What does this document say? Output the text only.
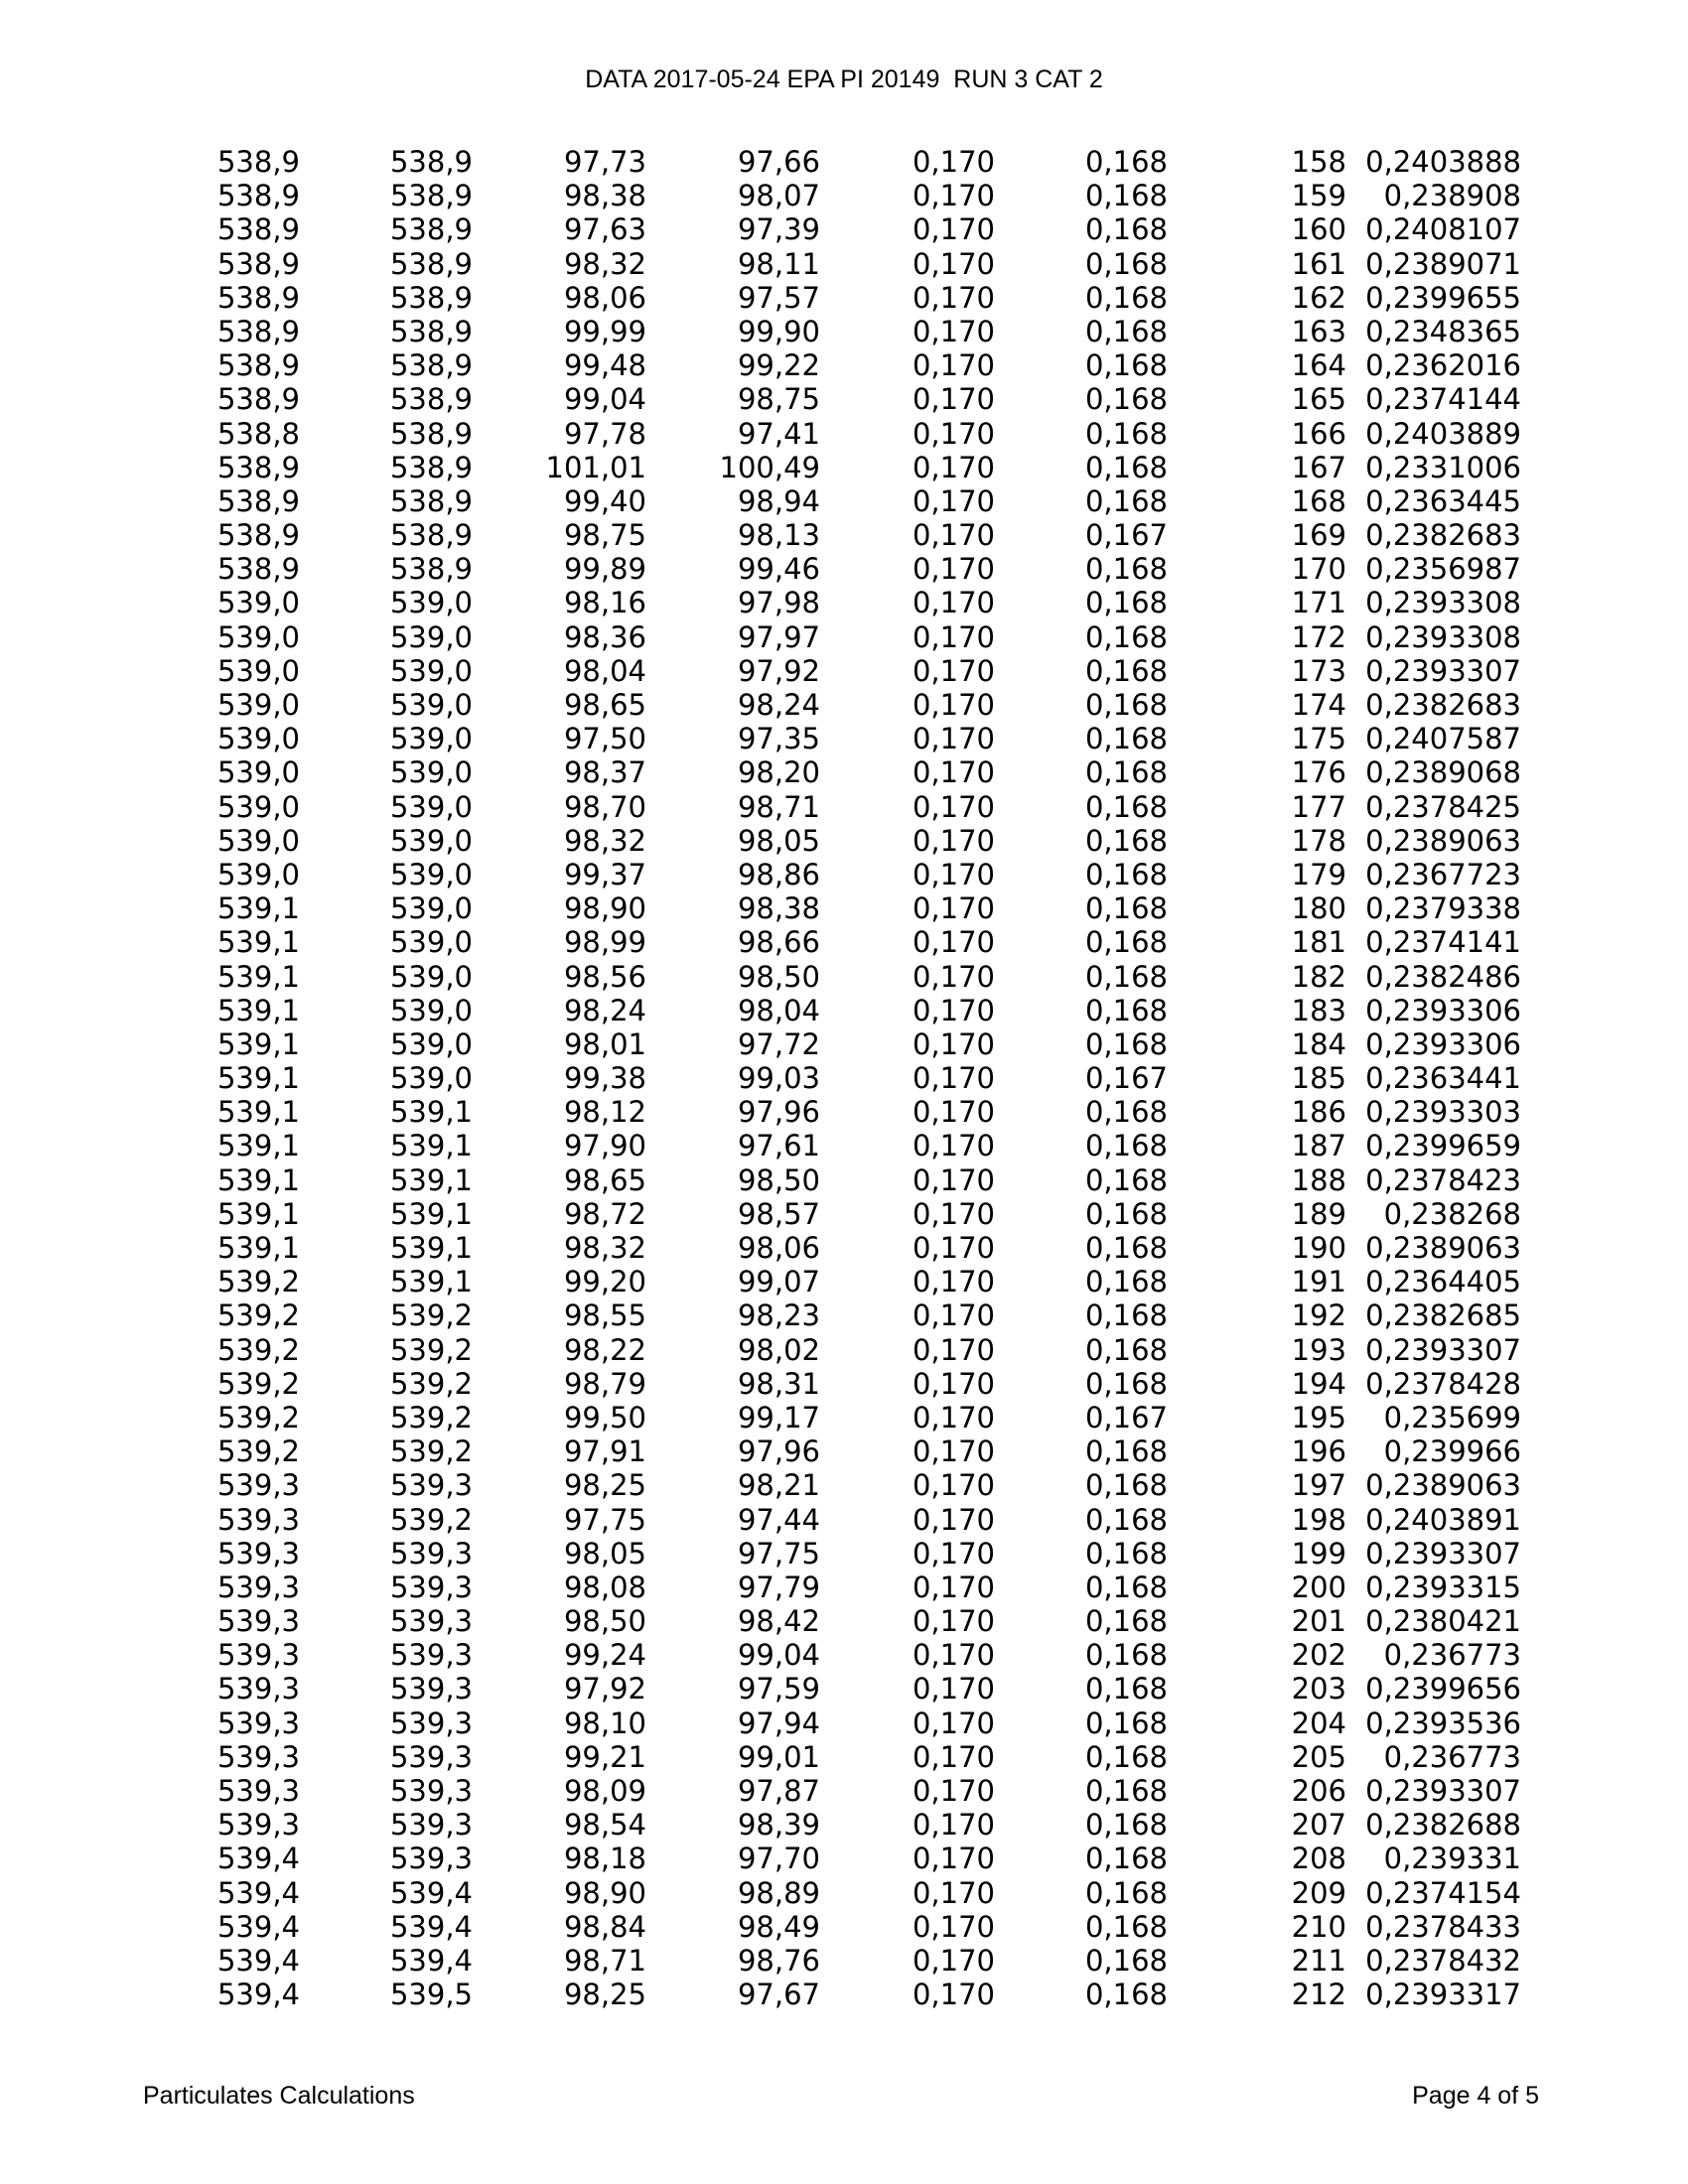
DATA 2017-05-24 EPA PI 20149  RUN 3 CAT 2
538,9	538,9	97,73	97,66	0,170	0,168	158 0,2403888
538,9	538,9	98,38	98,07	0,170	0,168	159 0,238908
538,9	538,9	97,63	97,39	0,170	0,168	160 0,2408107
538,9	538,9	98,32	98,11	0,170	0,168	161 0,2389071
538,9	538,9	98,06	97,57	0,170	0,168	162 0,2399655
538,9	538,9	99,99	99,90	0,170	0,168	163 0,2348365
538,9	538,9	99,48	99,22	0,170	0,168	164 0,2362016
538,9	538,9	99,04	98,75	0,170	0,168	165 0,2374144
538,8	538,9	97,78	97,41	0,170	0,168	166 0,2403889
538,9	538,9	101,01	100,49	0,170	0,168	167 0,2331006
538,9	538,9	99,40	98,94	0,170	0,168	168 0,2363445
538,9	538,9	98,75	98,13	0,170	0,167	169 0,2382683
538,9	538,9	99,89	99,46	0,170	0,168	170 0,2356987
539,0	539,0	98,16	97,98	0,170	0,168	171 0,2393308
539,0	539,0	98,36	97,97	0,170	0,168	172 0,2393308
539,0	539,0	98,04	97,92	0,170	0,168	173 0,2393307
539,0	539,0	98,65	98,24	0,170	0,168	174 0,2382683
539,0	539,0	97,50	97,35	0,170	0,168	175 0,2407587
539,0	539,0	98,37	98,20	0,170	0,168	176 0,2389068
539,0	539,0	98,70	98,71	0,170	0,168	177 0,2378425
539,0	539,0	98,32	98,05	0,170	0,168	178 0,2389063
539,0	539,0	99,37	98,86	0,170	0,168	179 0,2367723
539,1	539,0	98,90	98,38	0,170	0,168	180 0,2379338
539,1	539,0	98,99	98,66	0,170	0,168	181 0,2374141
539,1	539,0	98,56	98,50	0,170	0,168	182 0,2382486
539,1	539,0	98,24	98,04	0,170	0,168	183 0,2393306
539,1	539,0	98,01	97,72	0,170	0,168	184 0,2393306
539,1	539,0	99,38	99,03	0,170	0,167	185 0,2363441
539,1	539,1	98,12	97,96	0,170	0,168	186 0,2393303
539,1	539,1	97,90	97,61	0,170	0,168	187 0,2399659
539,1	539,1	98,65	98,50	0,170	0,168	188 0,2378423
539,1	539,1	98,72	98,57	0,170	0,168	189 0,238268
539,1	539,1	98,32	98,06	0,170	0,168	190 0,2389063
539,2	539,1	99,20	99,07	0,170	0,168	191 0,2364405
539,2	539,2	98,55	98,23	0,170	0,168	192 0,2382685
539,2	539,2	98,22	98,02	0,170	0,168	193 0,2393307
539,2	539,2	98,79	98,31	0,170	0,168	194 0,2378428
539,2	539,2	99,50	99,17	0,170	0,167	195 0,235699
539,2	539,2	97,91	97,96	0,170	0,168	196 0,239966
539,3	539,3	98,25	98,21	0,170	0,168	197 0,2389063
539,3	539,2	97,75	97,44	0,170	0,168	198 0,2403891
539,3	539,3	98,05	97,75	0,170	0,168	199 0,2393307
539,3	539,3	98,08	97,79	0,170	0,168	200 0,2393315
539,3	539,3	98,50	98,42	0,170	0,168	201 0,2380421
539,3	539,3	99,24	99,04	0,170	0,168	202 0,236773
539,3	539,3	97,92	97,59	0,170	0,168	203 0,2399656
539,3	539,3	98,10	97,94	0,170	0,168	204 0,2393536
539,3	539,3	99,21	99,01	0,170	0,168	205 0,236773
539,3	539,3	98,09	97,87	0,170	0,168	206 0,2393307
539,3	539,3	98,54	98,39	0,170	0,168	207 0,2382688
539,4	539,3	98,18	97,70	0,170	0,168	208 0,239331
539,4	539,4	98,90	98,89	0,170	0,168	209 0,2374154
539,4	539,4	98,84	98,49	0,170	0,168	210 0,2378433
539,4	539,4	98,71	98,76	0,170	0,168	211 0,2378432
539,4	539,5	98,25	97,67	0,170	0,168	212 0,2393317
Particulates Calculations	Page 4 of 5
